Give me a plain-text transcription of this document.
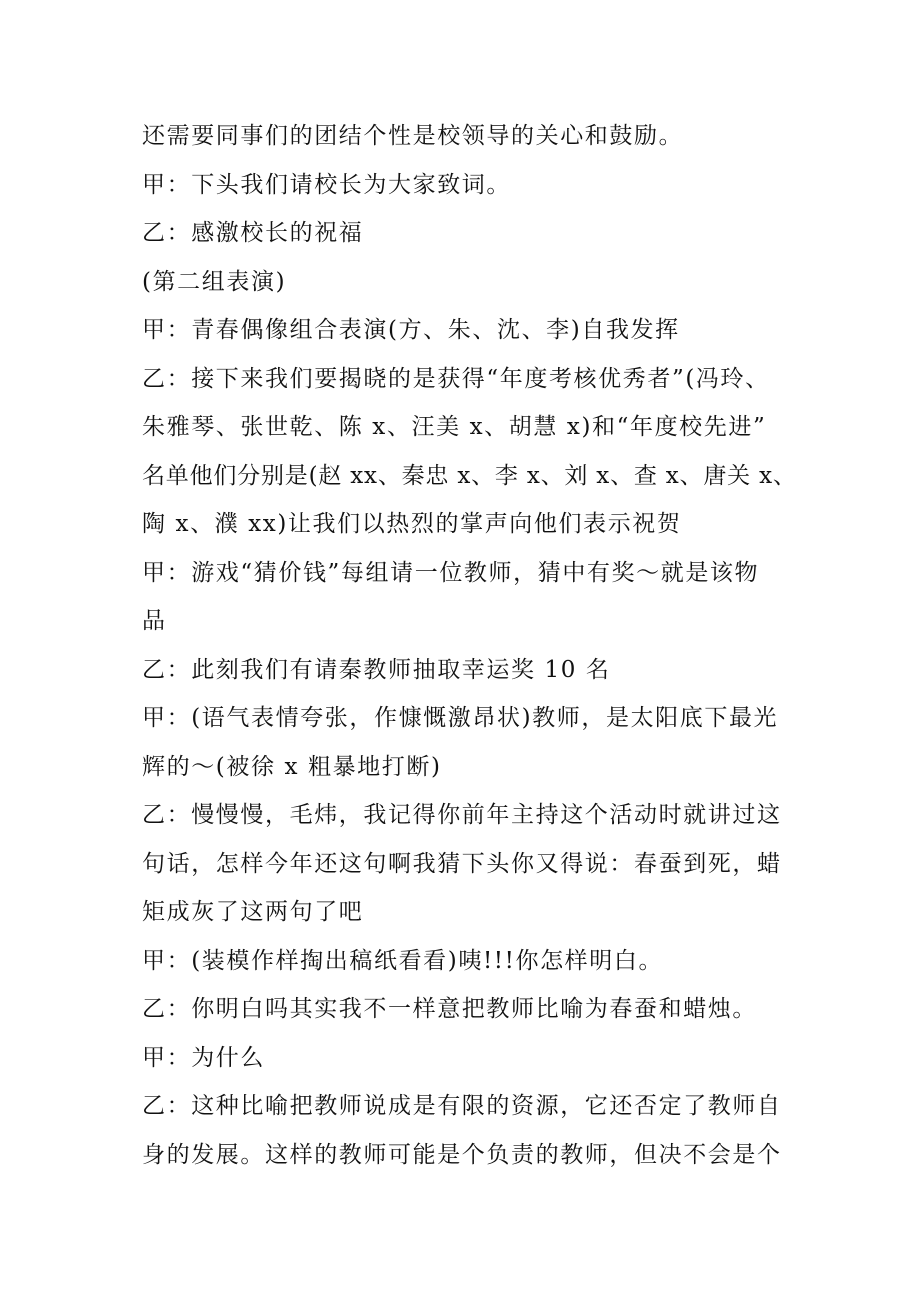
还需要同事们的团结个性是校领导的关心和鼓励。
甲：下头我们请校长为大家致词。
乙：感激校长的祝福
(第二组表演)
甲：青春偶像组合表演(方、朱、沈、李)自我发挥
乙：接下来我们要揭晓的是获得“年度考核优秀者”(冯玲、
朱雅琴、张世乾、陈 x、汪美 x、胡慧 x)和“年度校先进”
名单他们分别是(赵 xx、秦忠 x、李 x、刘 x、查 x、唐关 x、
陶 x、濮 xx)让我们以热烈的掌声向他们表示祝贺
甲：游戏“猜价钱”每组请一位教师，猜中有奖～就是该物
品
乙：此刻我们有请秦教师抽取幸运奖 10 名
甲：(语气表情夸张，作慷慨激昂状)教师，是太阳底下最光
辉的～(被徐 x 粗暴地打断)
乙：慢慢慢，毛炜，我记得你前年主持这个活动时就讲过这
句话，怎样今年还这句啊我猜下头你又得说：春蚕到死，蜡
矩成灰了这两句了吧
甲：(装模作样掏出稿纸看看)咦!!!你怎样明白。
乙：你明白吗其实我不一样意把教师比喻为春蚕和蜡烛。
甲：为什么
乙：这种比喻把教师说成是有限的资源，它还否定了教师自
身的发展。这样的教师可能是个负责的教师，但决不会是个
